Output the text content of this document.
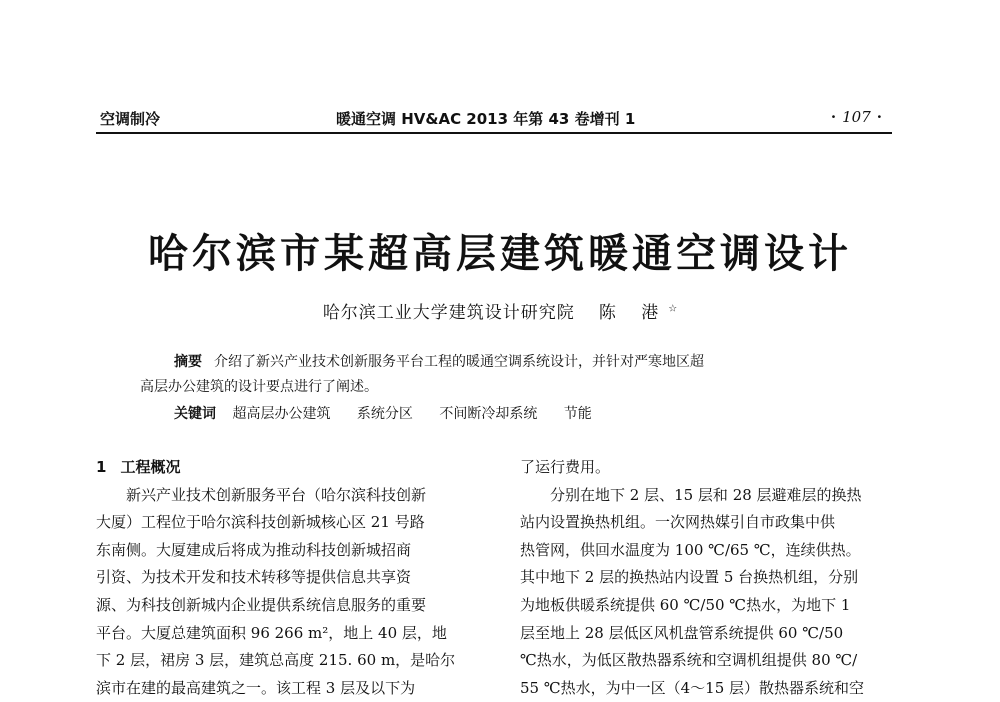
空调制冷	暖通空调 HV&AC 2013 年第 43 卷增刊 1	· 107 ·
哈尔滨市某超高层建筑暖通空调设计
哈尔滨工业大学建筑设计研究院 陈 港☆
摘要 介绍了新兴产业技术创新服务平台工程的暖通空调系统设计，并针对严寒地区超
高层办公建筑的设计要点进行了阐述。
关键词 超高层办公建筑 系统分区 不间断冷却系统 节能
1 工程概况
　　新兴产业技术创新服务平台（哈尔滨科技创新
大厦）工程位于哈尔滨科技创新城核心区 21 号路
东南侧。大厦建成后将成为推动科技创新城招商
引资、为技术开发和技术转移等提供信息共享资
源、为科技创新城内企业提供系统信息服务的重要
平台。大厦总建筑面积 96 266 m²，地上 40 层，地
下 2 层，裙房 3 层，建筑总高度 215. 60 m，是哈尔
滨市在建的最高建筑之一。该工程 3 层及以下为
了运行费用。
　　分别在地下 2 层、15 层和 28 层避难层的换热
站内设置换热机组。一次网热媒引自市政集中供
热管网，供回水温度为 100 ℃/65 ℃，连续供热。
其中地下 2 层的换热站内设置 5 台换热机组，分别
为地板供暖系统提供 60 ℃/50 ℃热水，为地下 1
层至地上 28 层低区风机盘管系统提供 60 ℃/50
℃热水，为低区散热器系统和空调机组提供 80 ℃/
55 ℃热水，为中一区（4～15 层）散热器系统和空
